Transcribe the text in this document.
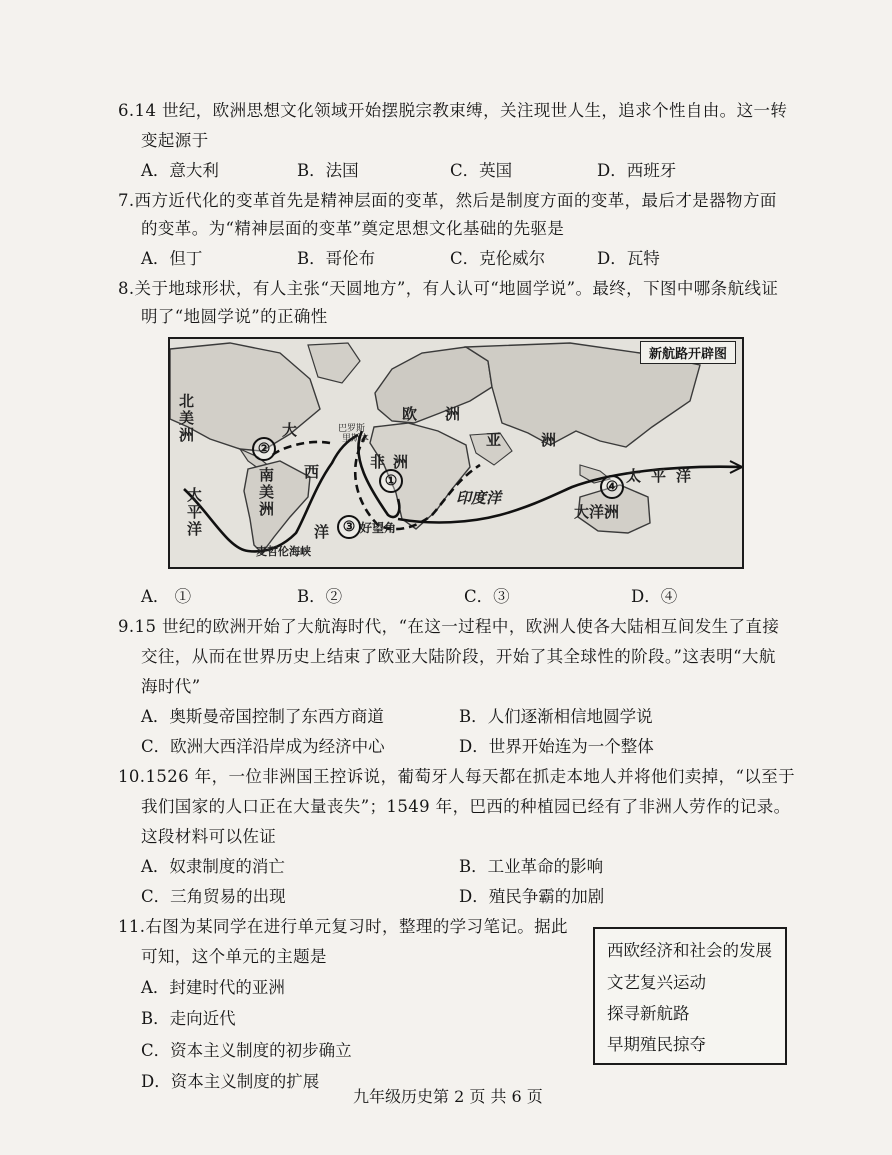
6.14 世纪，欧洲思想文化领域开始摆脱宗教束缚，关注现世人生，追求个性自由。这一转
变起源于
A．意大利	B．法国	C．英国	D．西班牙
7.西方近代化的变革首先是精神层面的变革，然后是制度方面的变革，最后才是器物方面
的变革。为“精神层面的变革”奠定思想文化基础的先驱是
A．但丁	B．哥伦布	C．克伦威尔	D．瓦特
8.关于地球形状，有人主张“天圆地方”，有人认可“地圆学说”。最终，下图中哪条航线证
明了“地圆学说”的正确性
新航路开辟图
北美洲
南美洲
欧洲
亚洲
非洲
大洋洲
大
西
洋
太平洋
太平洋
印度洋
麦哲伦海峡
好望角
巴罗斯
里斯本
①
②
③
④
A． ①	B．②	C．③	D．④
9.15 世纪的欧洲开始了大航海时代，“在这一过程中，欧洲人使各大陆相互间发生了直接
交往，从而在世界历史上结束了欧亚大陆阶段，开始了其全球性的阶段。”这表明“大航
海时代”
A．奥斯曼帝国控制了东西方商道	B．人们逐渐相信地圆学说
C．欧洲大西洋沿岸成为经济中心	D．世界开始连为一个整体
10.1526 年，一位非洲国王控诉说，葡萄牙人每天都在抓走本地人并将他们卖掉，“以至于
我们国家的人口正在大量丧失”；1549 年，巴西的种植园已经有了非洲人劳作的记录。
这段材料可以佐证
A．奴隶制度的消亡	B．工业革命的影响
C．三角贸易的出现	D．殖民争霸的加剧
11.右图为某同学在进行单元复习时，整理的学习笔记。据此
可知，这个单元的主题是
A．封建时代的亚洲
B．走向近代
C．资本主义制度的初步确立
D．资本主义制度的扩展
西欧经济和社会的发展
文艺复兴运动
探寻新航路
早期殖民掠夺
九年级历史第 2 页 共 6 页
